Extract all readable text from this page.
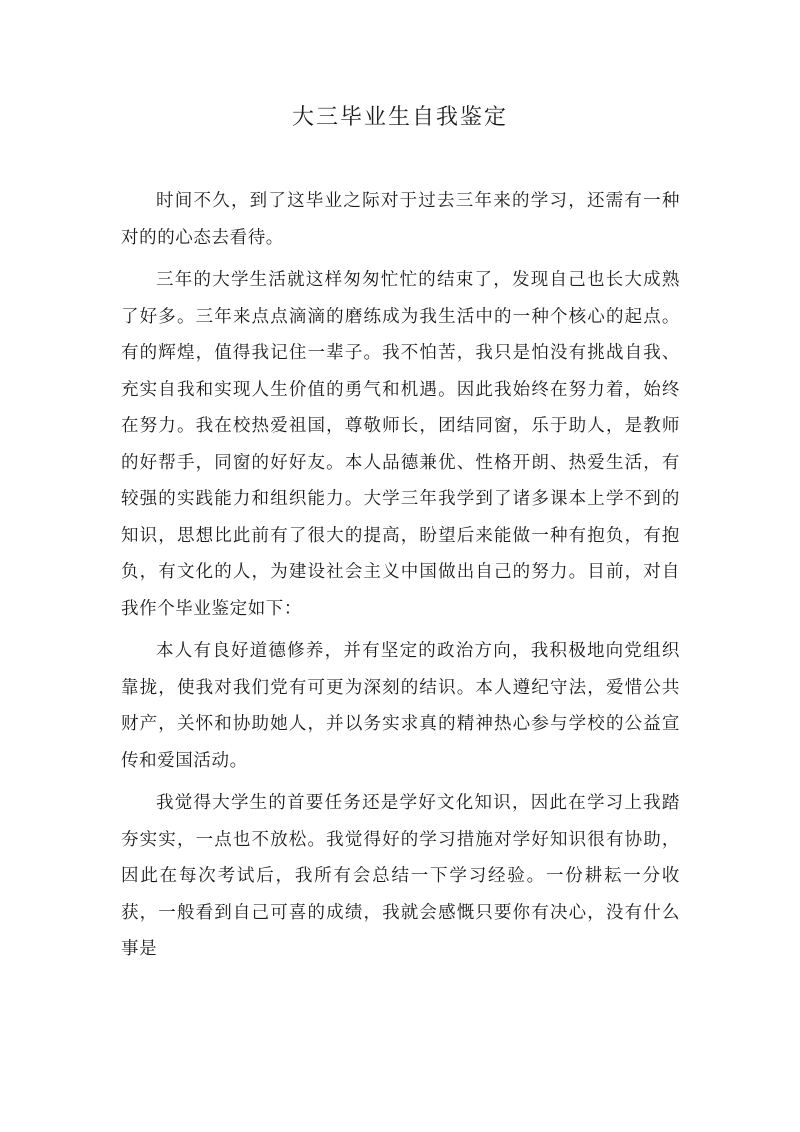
大三毕业生自我鉴定

时间不久，到了这毕业之际对于过去三年来的学习，还需有一种对的的心态去看待。

三年的大学生活就这样匆匆忙忙的结束了，发现自己也长大成熟了好多。三年来点点滴滴的磨练成为我生活中的一种个核心的起点。有的辉煌，值得我记住一辈子。我不怕苦，我只是怕没有挑战自我、充实自我和实现人生价值的勇气和机遇。因此我始终在努力着，始终在努力。我在校热爱祖国，尊敬师长，团结同窗，乐于助人，是教师的好帮手，同窗的好好友。本人品德兼优、性格开朗、热爱生活，有较强的实践能力和组织能力。大学三年我学到了诸多课本上学不到的知识，思想比此前有了很大的提高，盼望后来能做一种有抱负，有抱负，有文化的人，为建设社会主义中国做出自己的努力。目前，对自我作个毕业鉴定如下：

本人有良好道德修养，并有坚定的政治方向，我积极地向党组织靠拢，使我对我们党有可更为深刻的结识。本人遵纪守法，爱惜公共财产，关怀和协助她人，并以务实求真的精神热心参与学校的公益宣传和爱国活动。

我觉得大学生的首要任务还是学好文化知识，因此在学习上我踏夯实实，一点也不放松。我觉得好的学习措施对学好知识很有协助，因此在每次考试后，我所有会总结一下学习经验。一份耕耘一分收获，一般看到自己可喜的成绩，我就会感慨只要你有决心，没有什么事是
